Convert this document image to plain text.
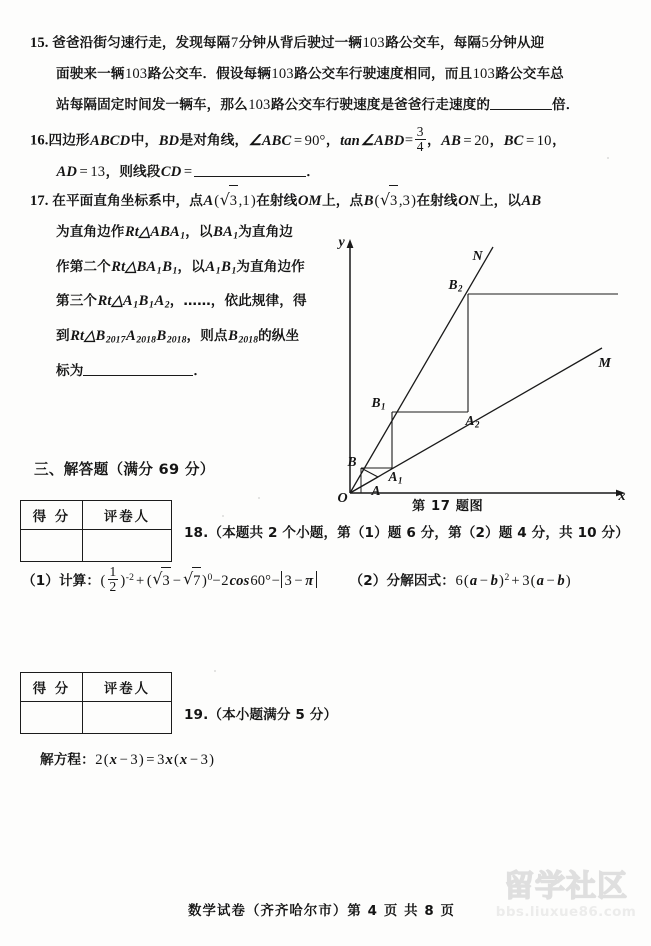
15. 爸爸沿街匀速行走，发现每隔7分钟从背后驶过一辆103路公交车，每隔5分钟从迎
面驶来一辆103路公交车．假设每辆103路公交车行驶速度相同，而且103路公交车总
站每隔固定时间发一辆车，那么103路公交车行驶速度是爸爸行走速度的	倍．
16.四边形ABCD中，BD是对角线，∠ABC = 90°，tan∠ABD= $\frac{3}{4}$ ，AB = 20，BC = 10，
AD = 13，则线段CD =	．
17. 在平面直角坐标系中，点A( √ 3 ,1)在射线OM上，点B( √ 3 ,3)在射线ON上，以AB
为直角边作$Rt\triangle ABA_1$，以$BA_1$为直角边
作第二个$Rt\triangle BA_1B_1$，以$A_1B_1$为直角边作
第三个$Rt\triangle A_1B_1A_2$，……，依此规律，得
到$Rt\triangle B_{2017}A_{2018}B_{2018}$，则点$B_{2018}$的纵坐
标为	．
y
x
O
N
M
A
B
$A_1$
$B_1$
$A_2$
$B_2$
第 17 题图
三、解答题（满分 69 分）
得 分	评卷人

18.（本题共 2 个小题，第（1）题 6 分，第（2）题 4 分，共 10 分）
（1）计算：( $\frac{1}{2} )^{-2}$ + ( √ 3 − √ 7 )$^0$−2cos60°− 3 − π	（2）分解因式：$6(a - b)^2 + 3(a - b)$
得 分	评卷人

19.（本小题满分 5 分）
解方程：2(x − 3) = 3x(x − 3)
数学试卷（齐齐哈尔市）第 4 页 共 8 页
留学社区
bbs.liuxue86.com
